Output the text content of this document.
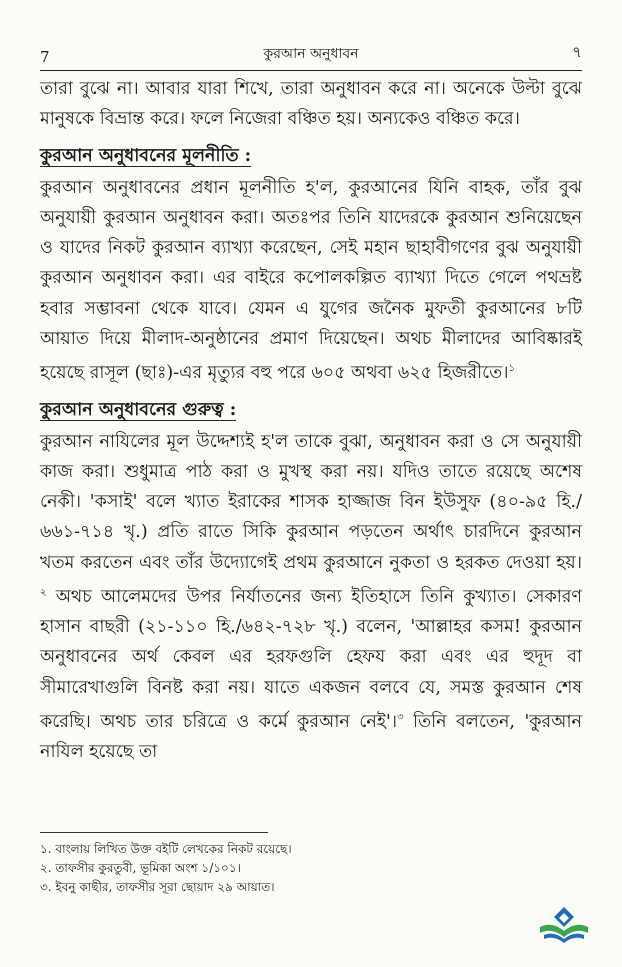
7	কুরআন অনুধাবন	৭

তারা বুঝে না। আবার যারা শিখে, তারা অনুধাবন করে না। অনেকে উল্টা বুঝে মানুষকে বিভ্রান্ত করে। ফলে নিজেরা বঞ্চিত হয়। অন্যকেও বঞ্চিত করে।

কুরআন অনুধাবনের মূলনীতি :

কুরআন অনুধাবনের প্রধান মূলনীতি হ'ল, কুরআনের যিনি বাহক, তাঁর বুঝ অনুযায়ী কুরআন অনুধাবন করা। অতঃপর তিনি যাদেরকে কুরআন শুনিয়েছেন ও যাদের নিকট কুরআন ব্যাখ্যা করেছেন, সেই মহান ছাহাবীগণের বুঝ অনুযায়ী কুরআন অনুধাবন করা। এর বাইরে কপোলকল্পিত ব্যাখ্যা দিতে গেলে পথভ্রষ্ট হবার সম্ভাবনা থেকে যাবে। যেমন এ যুগের জনৈক মুফতী কুরআনের ৮টি আয়াত দিয়ে মীলাদ-অনুষ্ঠানের প্রমাণ দিয়েছেন। অথচ মীলাদের আবিষ্কারই হয়েছে রাসূল (ছাঃ)-এর মৃত্যুর বহু পরে ৬০৫ অথবা ৬২৫ হিজরীতে।$^১$

কুরআন অনুধাবনের গুরুত্ব :

কুরআন নাযিলের মূল উদ্দেশ্যই হ'ল তাকে বুঝা, অনুধাবন করা ও সে অনুযায়ী কাজ করা। শুধুমাত্র পাঠ করা ও মুখস্থ করা নয়। যদিও তাতে রয়েছে অশেষ নেকী। 'কসাই' বলে খ্যাত ইরাকের শাসক হাজ্জাজ বিন ইউসুফ (৪০-৯৫ হি./৬৬১-৭১৪ খৃ.) প্রতি রাতে সিকি কুরআন পড়তেন অর্থাৎ চারদিনে কুরআন খতম করতেন এবং তাঁর উদ্যোগেই প্রথম কুরআনে নুকতা ও হরকত দেওয়া হয়।$^২$ অথচ আলেমদের উপর নির্যাতনের জন্য ইতিহাসে তিনি কুখ্যাত। সেকারণ হাসান বাছরী (২১-১১০ হি./৬৪২-৭২৮ খৃ.) বলেন, 'আল্লাহর কসম! কুরআন অনুধাবনের অর্থ কেবল এর হরফগুলি হেফয করা এবং এর হুদূদ বা সীমারেখাগুলি বিনষ্ট করা নয়। যাতে একজন বলবে যে, সমস্ত কুরআন শেষ করেছি। অথচ তার চরিত্রে ও কর্মে কুরআন নেই'।$^৩$ তিনি বলতেন, 'কুরআন নাযিল হয়েছে তা

১. বাংলায় লিখিত উক্ত বইটি লেখকের নিকট রয়েছে।
২. তাফসীর কুরতুবী, ভূমিকা অংশ ১/১০১।
৩. ইবনু কাছীর, তাফসীর সূরা ছোয়াদ ২৯ আয়াত।
